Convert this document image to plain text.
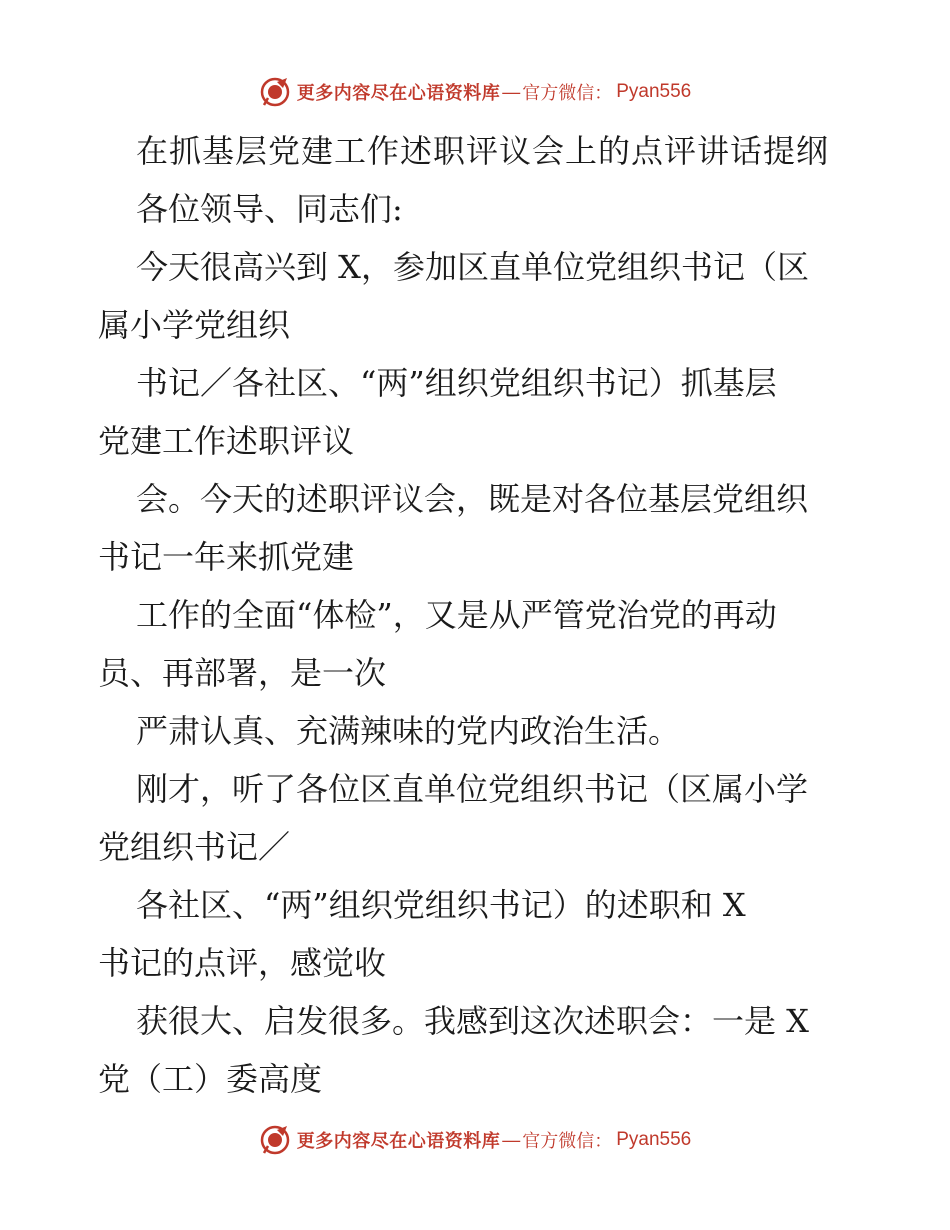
更多内容尽在心语资料库 — 官方微信： Pyan556
在抓基层党建工作述职评议会上的点评讲话提纲
各位领导、同志们:
今天很高兴到 X，参加区直单位党组织书记（区
属小学党组织
书记／各社区、“两”组织党组织书记）抓基层
党建工作述职评议
会。今天的述职评议会，既是对各位基层党组织
书记一年来抓党建
工作的全面“体检”，又是从严管党治党的再动
员、再部署，是一次
严肃认真、充满辣味的党内政治生活。
刚才，听了各位区直单位党组织书记（区属小学
党组织书记／
各社区、“两”组织党组织书记）的述职和 X
书记的点评，感觉收
获很大、启发很多。我感到这次述职会：一是 X
党（工）委高度
更多内容尽在心语资料库 — 官方微信： Pyan556
